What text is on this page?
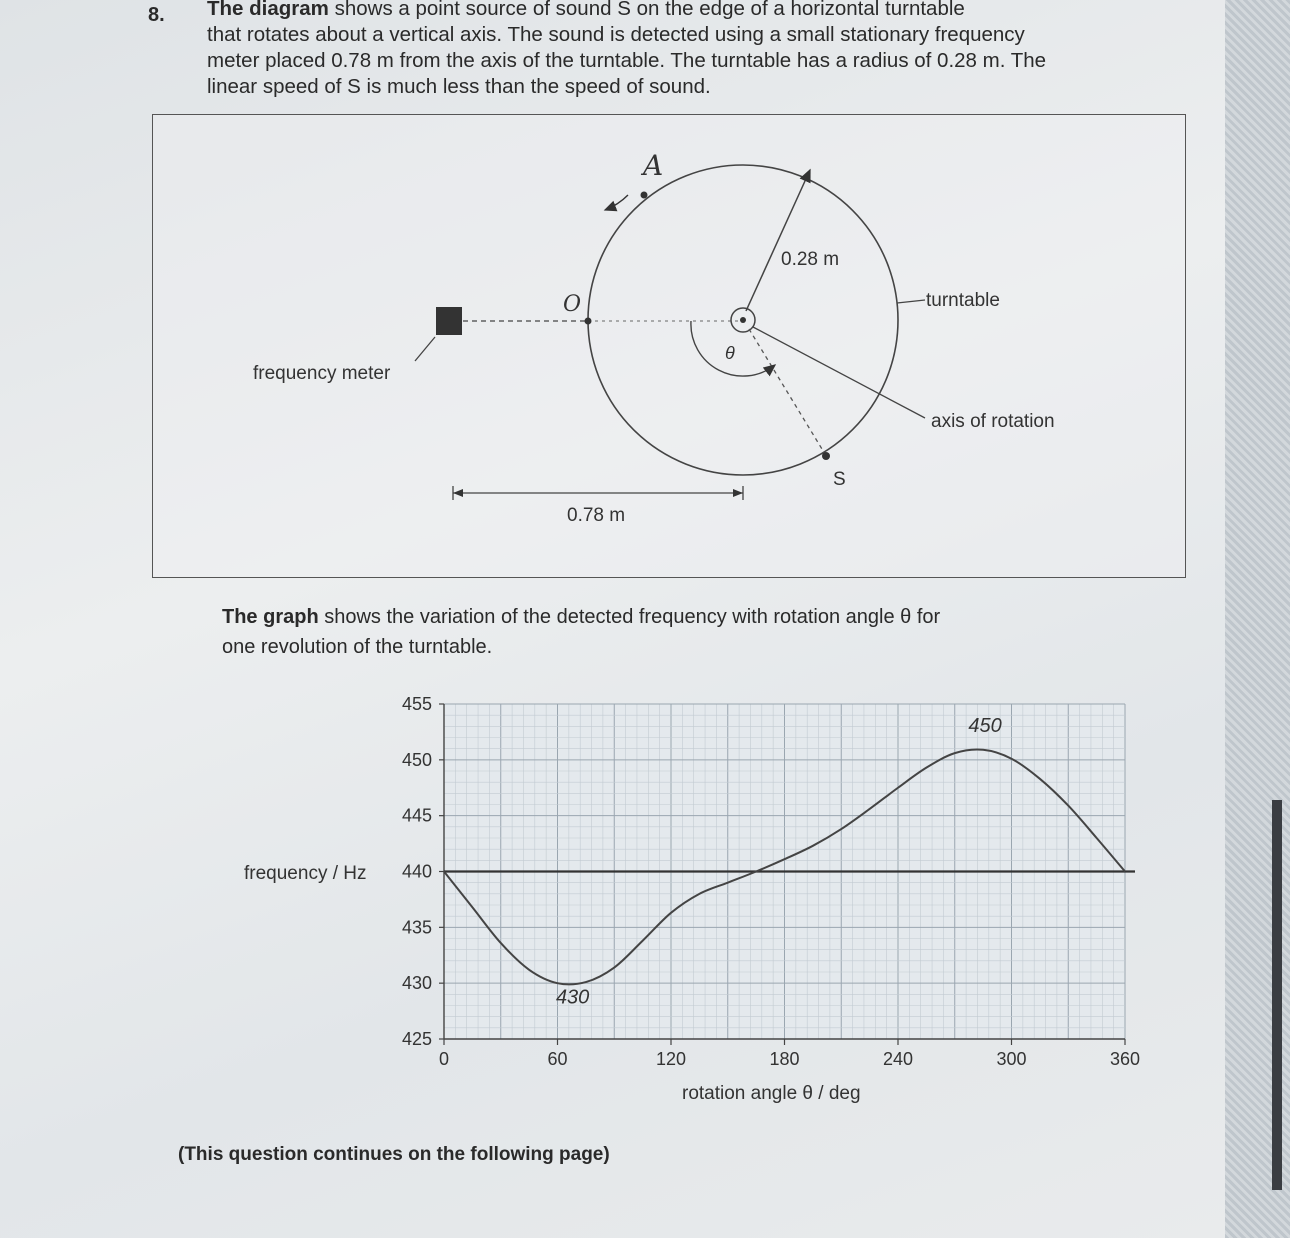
8. The diagram shows a point source of sound S on the edge of a horizontal turntable
that rotates about a vertical axis. The sound is detected using a small stationary frequency
meter placed 0.78 m from the axis of the turntable. The turntable has a radius of 0.28 m. The
linear speed of S is much less than the speed of sound.
frequency meter
O
0.28 m
S
θ
axis of rotation
turntable
0.78 m
A
The graph shows the variation of the detected frequency with rotation angle θ for
one revolution of the turntable.
455
450
445
440
435
430
425
0	60	120	180	240	300	360
430
450
frequency / Hz
rotation angle θ / deg
(This question continues on the following page)
